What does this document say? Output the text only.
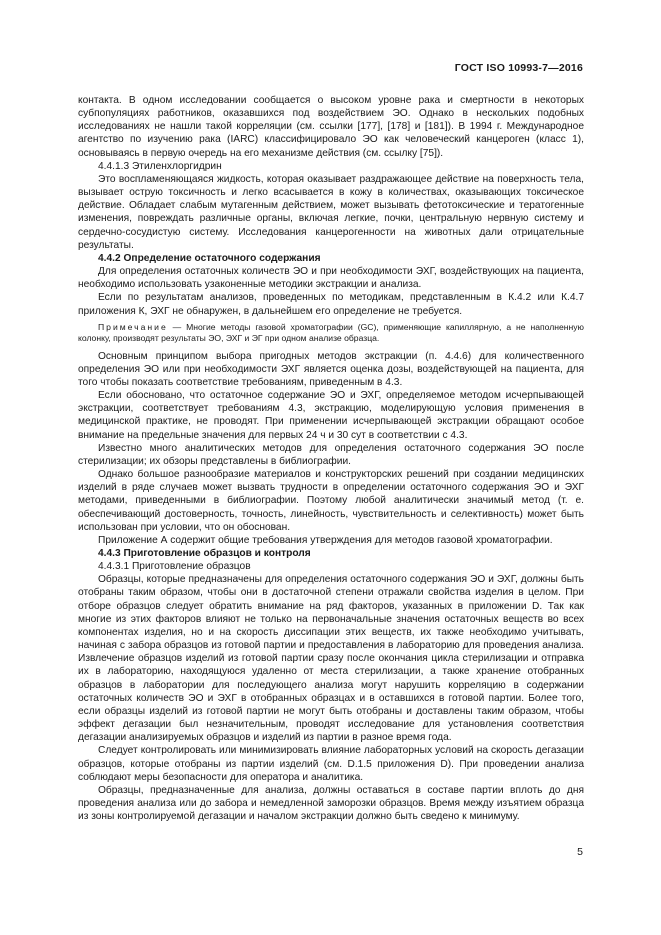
ГОСТ ISO 10993-7—2016

контакта. В одном исследовании сообщается о высоком уровне рака и смертности в некоторых субпопуляциях работников, оказавшихся под воздействием ЭО. Однако в нескольких подобных исследованиях не нашли такой корреляции (см. ссылки [177], [178] и [181]). В 1994 г. Международное агентство по изучению рака (IARC) классифицировало ЭО как человеческий канцероген (класс 1), основываясь в первую очередь на его механизме действия (см. ссылку [75]).

4.4.1.3 Этиленхлоргидрин

Это воспламеняющаяся жидкость, которая оказывает раздражающее действие на поверхность тела, вызывает острую токсичность и легко всасывается в кожу в количествах, оказывающих токсическое действие. Обладает слабым мутагенным действием, может вызывать фетотоксические и тератогенные изменения, повреждать различные органы, включая легкие, почки, центральную нервную систему и сердечно-сосудистую систему. Исследования канцерогенности на животных дали отрицательные результаты.

4.4.2 Определение остаточного содержания

Для определения остаточных количеств ЭО и при необходимости ЭХГ, воздействующих на пациента, необходимо использовать узаконенные методики экстракции и анализа.

Если по результатам анализов, проведенных по методикам, представленным в К.4.2 или К.4.7 приложения К, ЭХГ не обнаружен, в дальнейшем его определение не требуется.

Примечание — Многие методы газовой хроматографии (GC), применяющие капиллярную, а не наполненную колонку, производят результаты ЭО, ЭХГ и ЭГ при одном анализе образца.

Основным принципом выбора пригодных методов экстракции (п. 4.4.6) для количественного определения ЭО или при необходимости ЭХГ является оценка дозы, воздействующей на пациента, для того чтобы показать соответствие требованиям, приведенным в 4.3.

Если обосновано, что остаточное содержание ЭО и ЭХГ, определяемое методом исчерпывающей экстракции, соответствует требованиям 4.3, экстракцию, моделирующую условия применения в медицинской практике, не проводят. При применении исчерпывающей экстракции обращают особое внимание на предельные значения для первых 24 ч и 30 сут в соответствии с 4.3.

Известно много аналитических методов для определения остаточного содержания ЭО после стерилизации; их обзоры представлены в библиографии.

Однако большое разнообразие материалов и конструкторских решений при создании медицинских изделий в ряде случаев может вызвать трудности в определении остаточного содержания ЭО и ЭХГ методами, приведенными в библиографии. Поэтому любой аналитически значимый метод (т. е. обеспечивающий достоверность, точность, линейность, чувствительность и селективность) может быть использован при условии, что он обоснован.

Приложение А содержит общие требования утверждения для методов газовой хроматографии.

4.4.3 Приготовление образцов и контроля

4.4.3.1 Приготовление образцов

Образцы, которые предназначены для определения остаточного содержания ЭО и ЭХГ, должны быть отобраны таким образом, чтобы они в достаточной степени отражали свойства изделия в целом. При отборе образцов следует обратить внимание на ряд факторов, указанных в приложении D. Так как многие из этих факторов влияют не только на первоначальные значения остаточных веществ во всех компонентах изделия, но и на скорость диссипации этих веществ, их также необходимо учитывать, начиная с забора образцов из готовой партии и предоставления в лабораторию для проведения анализа. Извлечение образцов изделий из готовой партии сразу после окончания цикла стерилизации и отправка их в лабораторию, находящуюся удаленно от места стерилизации, а также хранение отобранных образцов в лаборатории для последующего анализа могут нарушить корреляцию в содержании остаточных количеств ЭО и ЭХГ в отобранных образцах и в оставшихся в готовой партии. Более того, если образцы изделий из готовой партии не могут быть отобраны и доставлены таким образом, чтобы эффект дегазации был незначительным, проводят исследование для установления соответствия дегазации анализируемых образцов и изделий из партии в разное время года.

Следует контролировать или минимизировать влияние лабораторных условий на скорость дегазации образцов, которые отобраны из партии изделий (см. D.1.5 приложения D). При проведении анализа соблюдают меры безопасности для оператора и аналитика.

Образцы, предназначенные для анализа, должны оставаться в составе партии вплоть до дня проведения анализа или до забора и немедленной заморозки образцов. Время между изъятием образца из зоны контролируемой дегазации и началом экстракции должно быть сведено к минимуму.

5
